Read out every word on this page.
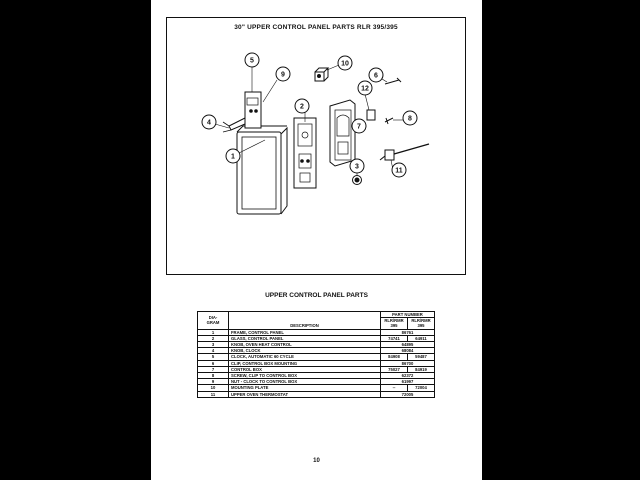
30" UPPER CONTROL PANEL PARTS RLR 395/395
1
2
3
4
5
6
7
8
9
10
11
12
UPPER CONTROL PANEL PARTS
DIA-
GRAM	DESCRIPTION	PART NUMBER	
		RLR/RMR
395	RLR/RMR
395
1	FRAME, CONTROL PANEL	86761	
2	GLASS, CONTROL PANEL	74741	64911
3	KNOB, OVEN HEAT CONTROL	64895	
4	KNOB, CLOCK	68084	
5	CLOCK, AUTOMATIC 60 CYCLE	84908	59487
6	CLIP, CONTROL BOX MOUNTING	86700	
7	CONTROL BOX	75027	84919
8	SCREW, CLIP TO CONTROL BOX	62372	
9	NUT - CLOCK TO CONTROL BOX	61997	
10	MOUNTING PLATE	--	72004
11	UPPER OVEN THERMOSTAT	72005	
10
